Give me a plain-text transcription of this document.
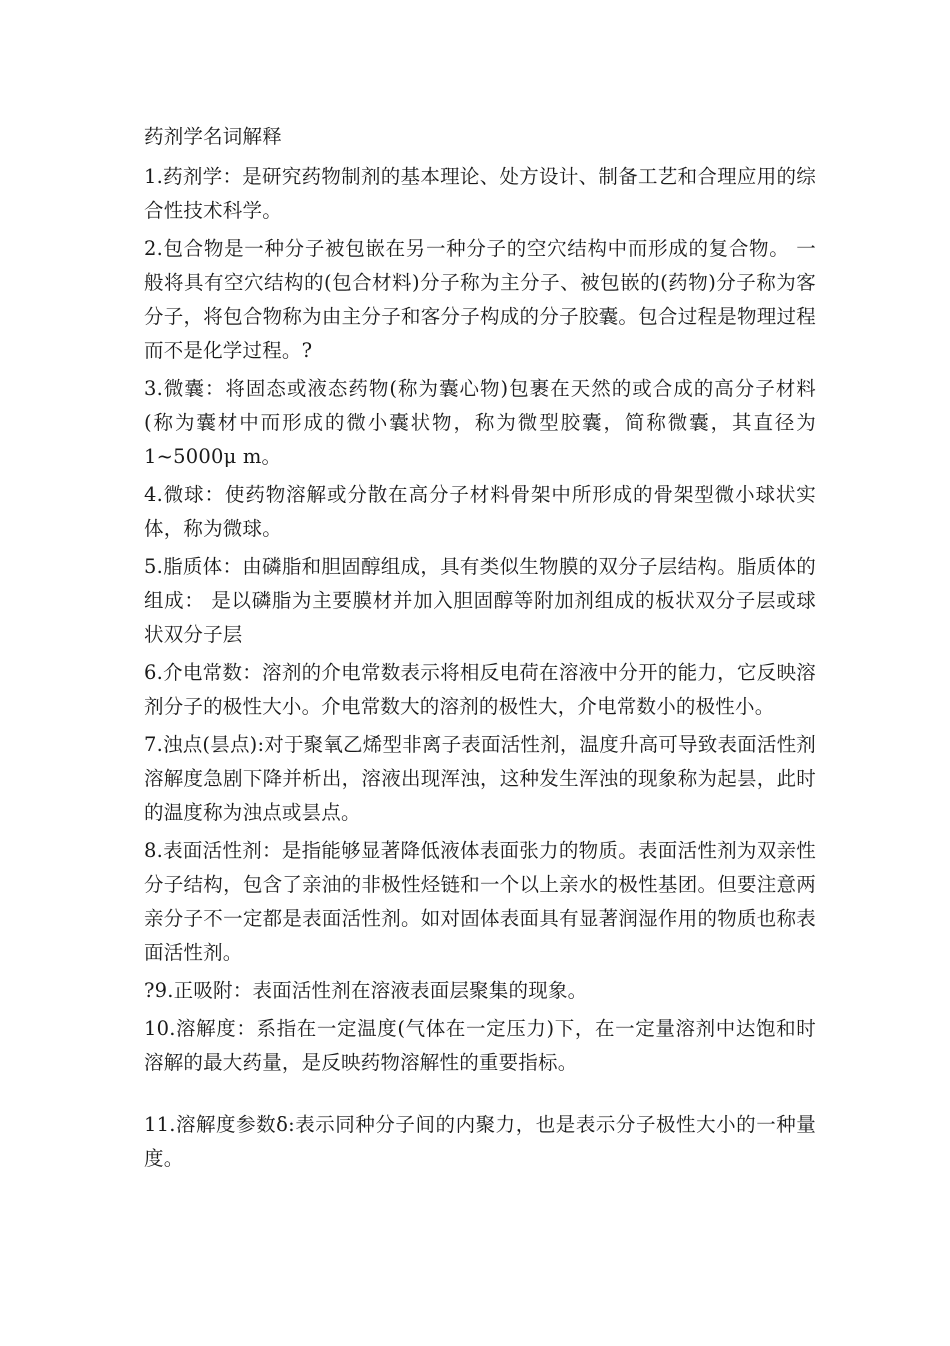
药剂学名词解释

1.药剂学：是研究药物制剂的基本理论、处方设计、制备工艺和合理应用的综合性技术科学。

2.包合物是一种分子被包嵌在另一种分子的空穴结构中而形成的复合物。 一般将具有空穴结构的(包合材料)分子称为主分子、被包嵌的(药物)分子称为客分子，将包合物称为由主分子和客分子构成的分子胶囊。包合过程是物理过程而不是化学过程。?

3.微囊：将固态或液态药物(称为囊心物)包裹在天然的或合成的高分子材料(称为囊材中而形成的微小囊状物，称为微型胶囊，简称微囊，其直径为1~5000μ m。

4.微球：使药物溶解或分散在高分子材料骨架中所形成的骨架型微小球状实体，称为微球。

5.脂质体：由磷脂和胆固醇组成，具有类似生物膜的双分子层结构。脂质体的组成： 是以磷脂为主要膜材并加入胆固醇等附加剂组成的板状双分子层或球状双分子层

6.介电常数：溶剂的介电常数表示将相反电荷在溶液中分开的能力，它反映溶剂分子的极性大小。介电常数大的溶剂的极性大，介电常数小的极性小。

7.浊点(昙点):对于聚氧乙烯型非离子表面活性剂，温度升高可导致表面活性剂溶解度急剧下降并析出，溶液出现浑浊，这种发生浑浊的现象称为起昙，此时的温度称为浊点或昙点。

8.表面活性剂：是指能够显著降低液体表面张力的物质。表面活性剂为双亲性分子结构，包含了亲油的非极性烃链和一个以上亲水的极性基团。但要注意两亲分子不一定都是表面活性剂。如对固体表面具有显著润湿作用的物质也称表面活性剂。

?9.正吸附：表面活性剂在溶液表面层聚集的现象。

10.溶解度：系指在一定温度(气体在一定压力)下，在一定量溶剂中达饱和时溶解的最大药量，是反映药物溶解性的重要指标。

11.溶解度参数δ:表示同种分子间的内聚力，也是表示分子极性大小的一种量度。
